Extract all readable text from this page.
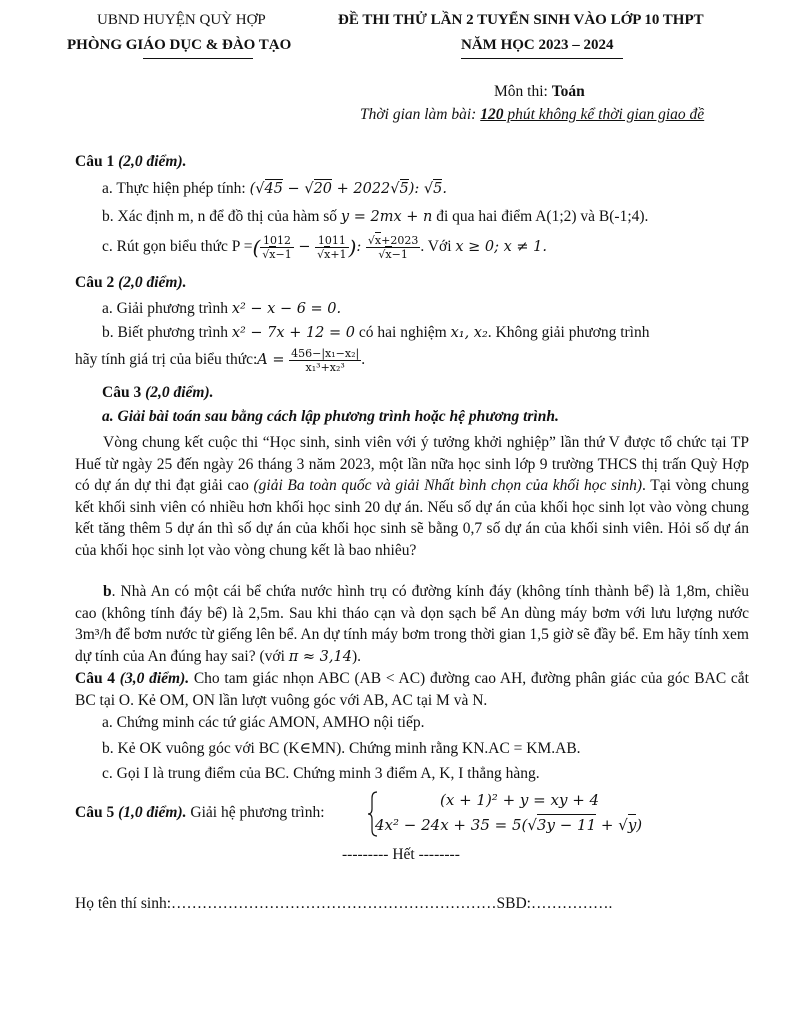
UBND HUYỆN QUỲ HỢP
PHÒNG GIÁO DỤC & ĐÀO TẠO
ĐỀ THI THỬ LẦN 2 TUYỂN SINH VÀO LỚP 10 THPT
NĂM HỌC 2023 – 2024
Môn thi: Toán
Thời gian làm bài: 120 phút không kể thời gian giao đề
Câu 1 (2,0 điểm).
a. Thực hiện phép tính: (√45 − √20 + 2022√5): √5.
b. Xác định m, n để đồ thị của hàm số y = 2mx + n đi qua hai điểm A(1;2) và B(-1;4).
c. Rút gọn biểu thức P =( $\frac{1012}{√x-1} - \frac{1011}{√x+1}$ ): $\frac{√x+2023}{√x-1}$ . Với x ≥ 0; x ≠ 1.
Câu 2 (2,0 điểm).
a. Giải phương trình x² − x − 6 = 0.
b. Biết phương trình x² − 7x + 12 = 0 có hai nghiệm x₁, x₂. Không giải phương trình
hãy tính giá trị của biểu thức:A = $\frac{\text{456−|x₁−x₂|}}{\text{x₁³+x₂³}}$ .
Câu 3 (2,0 điểm).
a. Giải bài toán sau bằng cách lập phương trình hoặc hệ phương trình.
Vòng chung kết cuộc thi “Học sinh, sinh viên với ý tưởng khởi nghiệp” lần thứ V được tổ chức tại TP Huế từ ngày 25 đến ngày 26 tháng 3 năm 2023, một lần nữa học sinh lớp 9 trường THCS thị trấn Quỳ Hợp có dự án dự thi đạt giải cao (giải Ba toàn quốc và giải Nhất bình chọn của khối học sinh). Tại vòng chung kết khối sinh viên có nhiều hơn khối học sinh 20 dự án. Nếu số dự án của khối học sinh lọt vào vòng chung kết tăng thêm 5 dự án thì số dự án của khối học sinh sẽ bằng 0,7 số dự án của khối sinh viên. Hỏi số dự án của khối học sinh lọt vào vòng chung kết là bao nhiêu?
b. Nhà An có một cái bể chứa nước hình trụ có đường kính đáy (không tính thành bể) là 1,8m, chiều cao (không tính đáy bể) là 2,5m. Sau khi tháo cạn và dọn sạch bể An dùng máy bơm với lưu lượng nước 3m³/h để bơm nước từ giếng lên bể. An dự tính máy bơm trong thời gian 1,5 giờ sẽ đầy bể. Em hãy tính xem dự tính của An đúng hay sai? (với π ≈ 3,14).
Câu 4 (3,0 điểm). Cho tam giác nhọn ABC (AB < AC) đường cao AH, đường phân giác của góc BAC cắt BC tại O. Kẻ OM, ON lần lượt vuông góc với AB, AC tại M và N.
a. Chứng minh các tứ giác AMON, AMHO nội tiếp.
b. Kẻ OK vuông góc với BC (K∈MN). Chứng minh rằng KN.AC = KM.AB.
c. Gọi I là trung điểm của BC. Chứng minh 3 điểm A, K, I thẳng hàng.
Câu 5 (1,0 điểm). Giải hệ phương trình:
(x + 1)² + y = xy + 4
4x² − 24x + 35 = 5(√3y − 11 + √y)
--------- Hết --------
Họ tên thí sinh:………………………………………………………SBD:…………….
